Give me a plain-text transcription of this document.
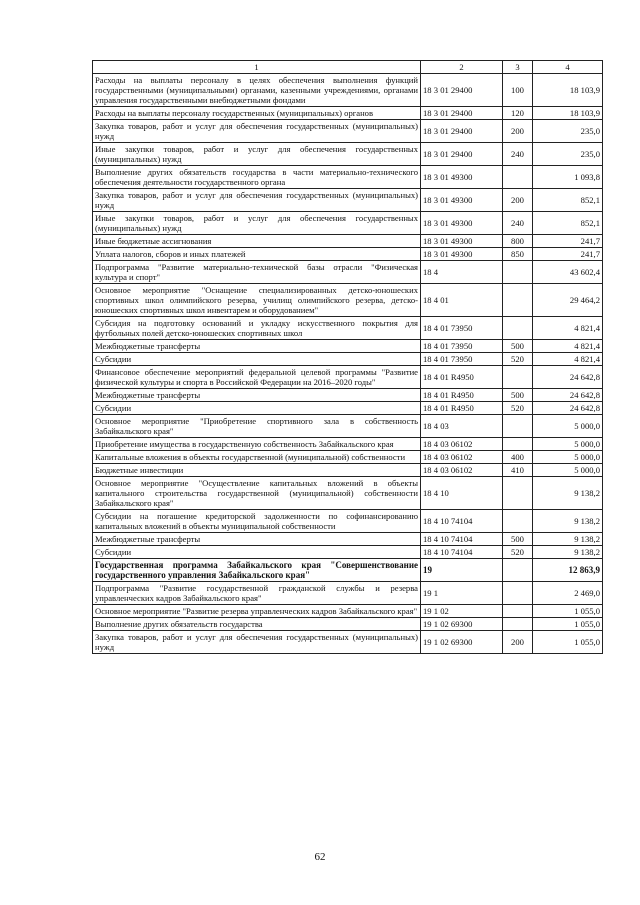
1	2	3	4
Расходы на выплаты персоналу в целях обеспечения выполнения функций государственными (муниципальными) органами, казенными учреждениями, органами управления государственными внебюджетными фондами	18 3 01 29400	100	18 103,9
Расходы на выплаты персоналу государственных (муниципальных) органов	18 3 01 29400	120	18 103,9
Закупка товаров, работ и услуг для обеспечения государственных (муниципальных) нужд	18 3 01 29400	200	235,0
Иные закупки товаров, работ и услуг для обеспечения государственных (муниципальных) нужд	18 3 01 29400	240	235,0
Выполнение других обязательств государства в части материально-технического обеспечения деятельности государственного органа	18 3 01 49300		1 093,8
Закупка товаров, работ и услуг для обеспечения государственных (муниципальных) нужд	18 3 01 49300	200	852,1
Иные закупки товаров, работ и услуг для обеспечения государственных (муниципальных) нужд	18 3 01 49300	240	852,1
Иные бюджетные ассигнования	18 3 01 49300	800	241,7
Уплата налогов, сборов и иных платежей	18 3 01 49300	850	241,7
Подпрограмма "Развитие материально-технической базы отрасли "Физическая культура и спорт"	18 4		43 602,4
Основное мероприятие "Оснащение специализированных детско-юношеских спортивных школ олимпийского резерва, училищ олимпийского резерва, детско-юношеских спортивных школ инвентарем и оборудованием"	18 4 01		29 464,2
Субсидия на подготовку оснований и укладку искусственного покрытия для футбольных полей детско-юношеских спортивных школ	18 4 01 73950		4 821,4
Межбюджетные трансферты	18 4 01 73950	500	4 821,4
Субсидии	18 4 01 73950	520	4 821,4
Финансовое обеспечение мероприятий федеральной целевой программы "Развитие физической культуры и спорта в Российской Федерации на 2016–2020 годы"	18 4 01 R4950		24 642,8
Межбюджетные трансферты	18 4 01 R4950	500	24 642,8
Субсидии	18 4 01 R4950	520	24 642,8
Основное мероприятие "Приобретение спортивного зала в собственность Забайкальского края"	18 4 03		5 000,0
Приобретение имущества в государственную собственность Забайкальского края	18 4 03 06102		5 000,0
Капитальные вложения в объекты государственной (муниципальной) собственности	18 4 03 06102	400	5 000,0
Бюджетные инвестиции	18 4 03 06102	410	5 000,0
Основное мероприятие "Осуществление капитальных вложений в объекты капитального строительства государственной (муниципальной) собственности Забайкальского края"	18 4 10		9 138,2
Субсидии на погашение кредиторской задолженности по софинансированию капитальных вложений в объекты муниципальной собственности	18 4 10 74104		9 138,2
Межбюджетные трансферты	18 4 10 74104	500	9 138,2
Субсидии	18 4 10 74104	520	9 138,2
Государственная программа Забайкальского края "Совершенствование государственного управления Забайкальского края"	19		12 863,9
Подпрограмма "Развитие государственной гражданской службы и резерва управленческих кадров Забайкальского края"	19 1		2 469,0
Основное мероприятие "Развитие резерва управленческих кадров Забайкальского края"	19 1 02		1 055,0
Выполнение других обязательств государства	19 1 02 69300		1 055,0
Закупка товаров, работ и услуг для обеспечения государственных (муниципальных) нужд	19 1 02 69300	200	1 055,0
62
